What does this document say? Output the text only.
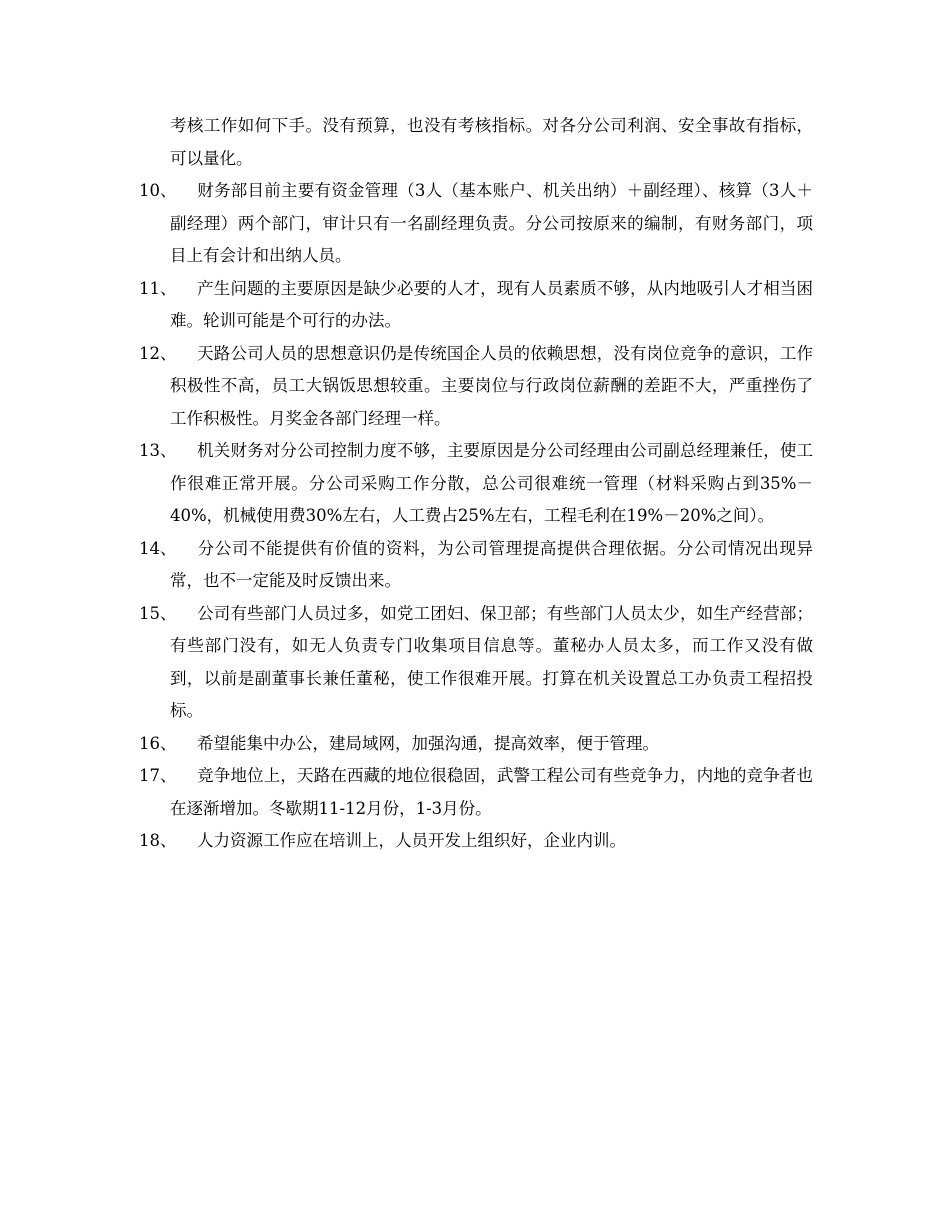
考核工作如何下手。没有预算，也没有考核指标。对各分公司利润、安全事故有指标，可以量化。

10、	财务部目前主要有资金管理（3人（基本账户、机关出纳）＋副经理）、核算（3人＋副经理）两个部门，审计只有一名副经理负责。分公司按原来的编制，有财务部门，项目上有会计和出纳人员。

11、	产生问题的主要原因是缺少必要的人才，现有人员素质不够，从内地吸引人才相当困难。轮训可能是个可行的办法。

12、	天路公司人员的思想意识仍是传统国企人员的依赖思想，没有岗位竞争的意识，工作积极性不高，员工大锅饭思想较重。主要岗位与行政岗位薪酬的差距不大，严重挫伤了工作积极性。月奖金各部门经理一样。

13、	机关财务对分公司控制力度不够，主要原因是分公司经理由公司副总经理兼任，使工作很难正常开展。分公司采购工作分散，总公司很难统一管理（材料采购占到35%－40%，机械使用费30%左右，人工费占25%左右，工程毛利在19%－20%之间）。

14、	分公司不能提供有价值的资料，为公司管理提高提供合理依据。分公司情况出现异常，也不一定能及时反馈出来。

15、	公司有些部门人员过多，如党工团妇、保卫部；有些部门人员太少，如生产经营部；有些部门没有，如无人负责专门收集项目信息等。董秘办人员太多，而工作又没有做到，以前是副董事长兼任董秘，使工作很难开展。打算在机关设置总工办负责工程招投标。

16、	希望能集中办公，建局域网，加强沟通，提高效率，便于管理。

17、	竞争地位上，天路在西藏的地位很稳固，武警工程公司有些竞争力，内地的竞争者也在逐渐增加。冬歇期11-12月份，1-3月份。

18、	人力资源工作应在培训上，人员开发上组织好，企业内训。
